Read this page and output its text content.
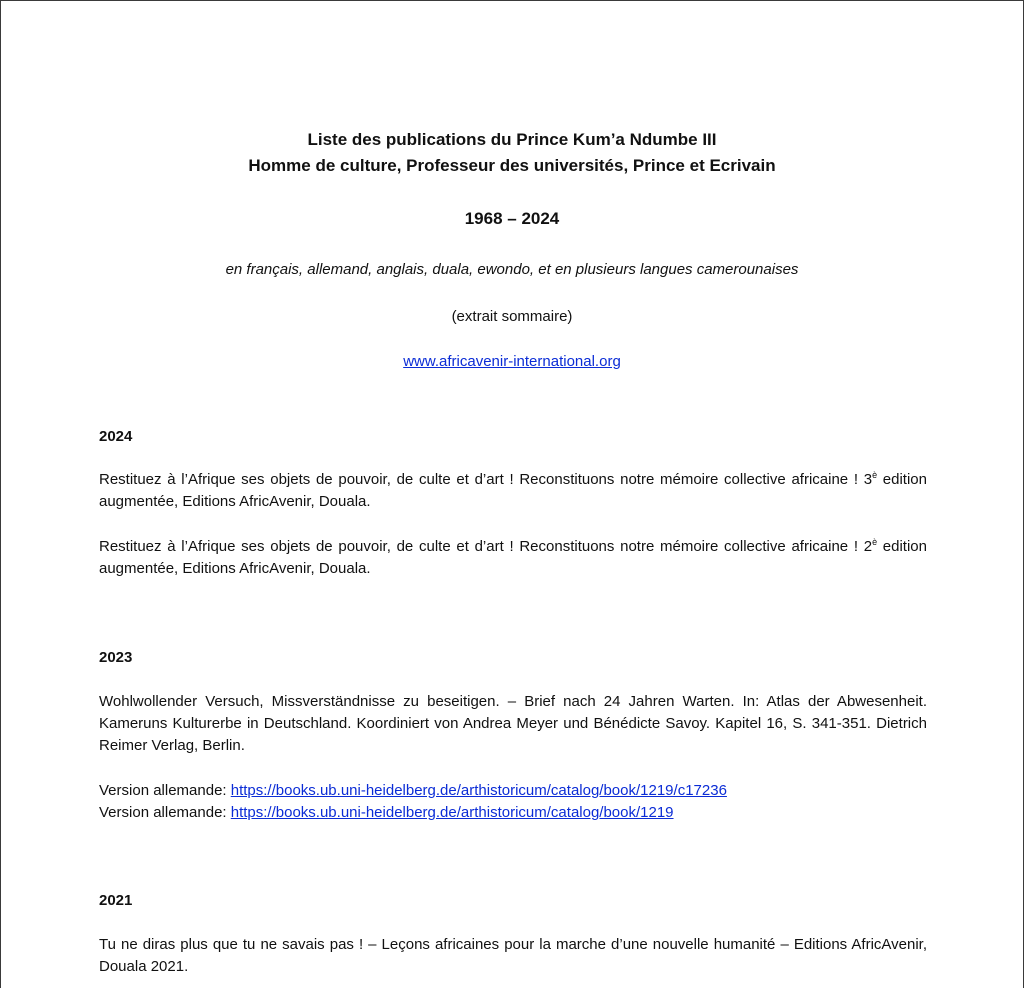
Liste des publications du Prince Kum’a Ndumbe III
Homme de culture, Professeur des universités, Prince et Ecrivain
1968 – 2024
en français, allemand, anglais, duala, ewondo, et en plusieurs langues camerounaises
(extrait sommaire)
www.africavenir-international.org
2024
Restituez à l’Afrique ses objets de pouvoir, de culte et d’art ! Reconstituons notre mémoire collective africaine ! $3^è$ edition augmentée, Editions AfricAvenir, Douala.
Restituez à l’Afrique ses objets de pouvoir, de culte et d’art ! Reconstituons notre mémoire collective africaine ! $2^è$ edition augmentée, Editions AfricAvenir, Douala.
2023
Wohlwollender Versuch, Missverständnisse zu beseitigen. – Brief nach 24 Jahren Warten. In: Atlas der Abwesenheit. Kameruns Kulturerbe in Deutschland. Koordiniert von Andrea Meyer und Bénédicte Savoy. Kapitel 16, S. 341-351. Dietrich Reimer Verlag, Berlin.
Version allemande: https://books.ub.uni-heidelberg.de/arthistoricum/catalog/book/1219/c17236
Version allemande: https://books.ub.uni-heidelberg.de/arthistoricum/catalog/book/1219
2021
Tu ne diras plus que tu ne savais pas ! – Leçons africaines pour la marche d’une nouvelle humanité – Editions AfricAvenir, Douala 2021.
